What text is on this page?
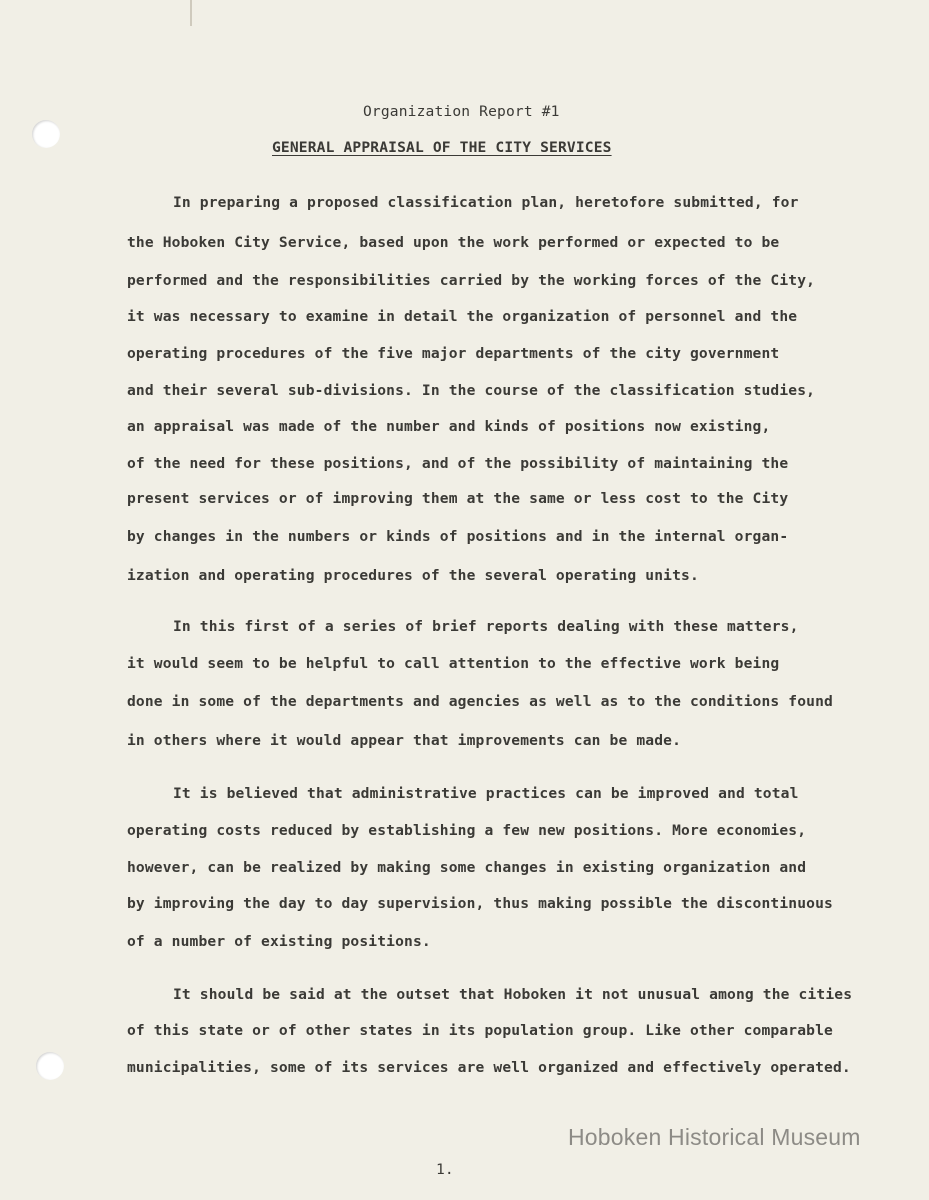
Organization Report #1
GENERAL APPRAISAL OF THE CITY SERVICES
In preparing a proposed classification plan, heretofore submitted, for
the Hoboken City Service, based upon the work performed or expected to be
performed and the responsibilities carried by the working forces of the City,
it was necessary to examine in detail the organization of personnel and the
operating procedures of the five major departments of the city government
and their several sub-divisions. In the course of the classification studies,
an appraisal was made of the number and kinds of positions now existing,
of the need for these positions, and of the possibility of maintaining the
present services or of improving them at the same or less cost to the City
by changes in the numbers or kinds of positions and in the internal organ-
ization and operating procedures of the several operating units.
In this first of a series of brief reports dealing with these matters,
it would seem to be helpful to call attention to the effective work being
done in some of the departments and agencies as well as to the conditions found
in others where it would appear that improvements can be made.
It is believed that administrative practices can be improved and total
operating costs reduced by establishing a few new positions. More economies,
however, can be realized by making some changes in existing organization and
by improving the day to day supervision, thus making possible the discontinuous
of a number of existing positions.
It should be said at the outset that Hoboken it not unusual among the cities
of this state or of other states in its population group. Like other comparable
municipalities, some of its services are well organized and effectively operated.
Hoboken Historical Museum
1.
